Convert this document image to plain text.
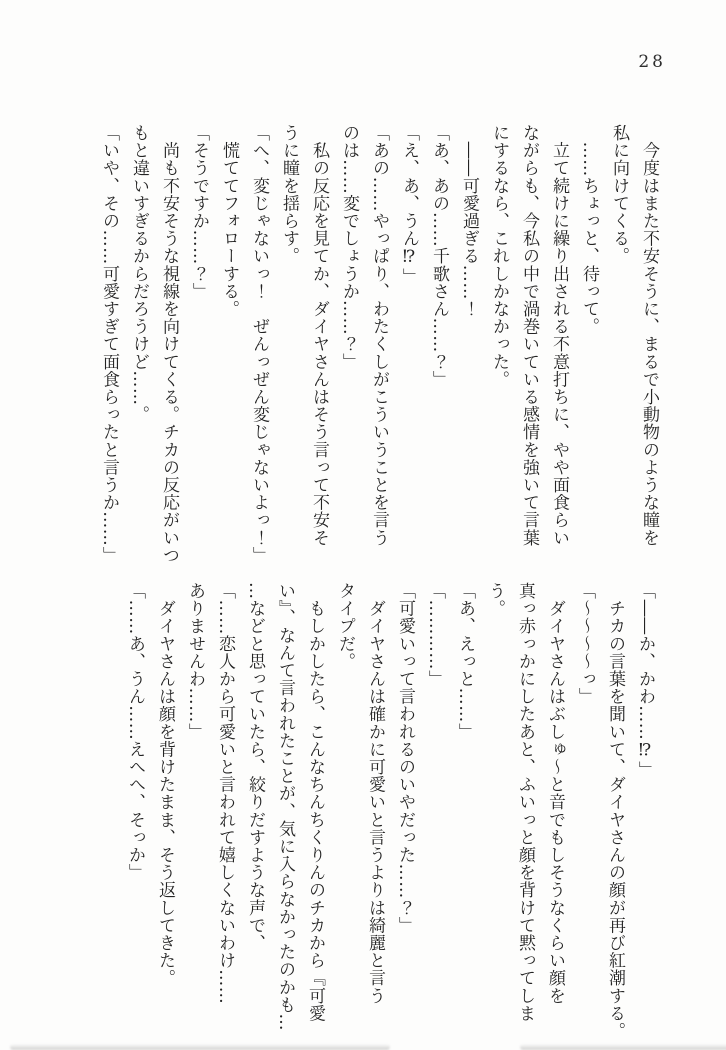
28

　今度はまた不安そうに、まるで小動物のような瞳を

私に向けてくる。

　……ちょっと、待って。

　立て続けに繰り出される不意打ちに、やや面食らい

ながらも、今私の中で渦巻いている感情を強いて言葉

にするなら、これしかなかった。

　――可愛過ぎる……！

「あ、あの……千歌さん……？」

「え、あ、うん⁉」

「あの……やっぱり、わたくしがこういうことを言う

のは……変でしょうか……？」

　私の反応を見てか、ダイヤさんはそう言って不安そ

うに瞳を揺らす。

「へ、変じゃないっ！　ぜんっぜん変じゃないよっ！」

　慌ててフォローする。

「そうですか……？」

　尚も不安そうな視線を向けてくる。チカの反応がいつ

もと違いすぎるからだろうけど……。

「いや、その……可愛すぎて面食らったと言うか……」

「――か、かわ……⁉」

　チカの言葉を聞いて、ダイヤさんの顔が再び紅潮する。

「～～～～っ」

　ダイヤさんはぶしゅ～と音でもしそうなくらい顔を

真っ赤っかにしたあと、ふいっと顔を背けて黙ってしま

う。

「あ、えっと……」

「…………」

「可愛いって言われるのいやだった……？」

　ダイヤさんは確かに可愛いと言うよりは綺麗と言う

タイプだ。

　もしかしたら、こんなちんちくりんのチカから『可愛

い』、なんて言われたことが、気に入らなかったのかも…

…などと思っていたら、絞りだすような声で、

「……恋人から可愛いと言われて嬉しくないわけ……

ありませんわ……」

　ダイヤさんは顔を背けたまま、そう返してきた。

「……あ、うん……えへへ、そっか」
